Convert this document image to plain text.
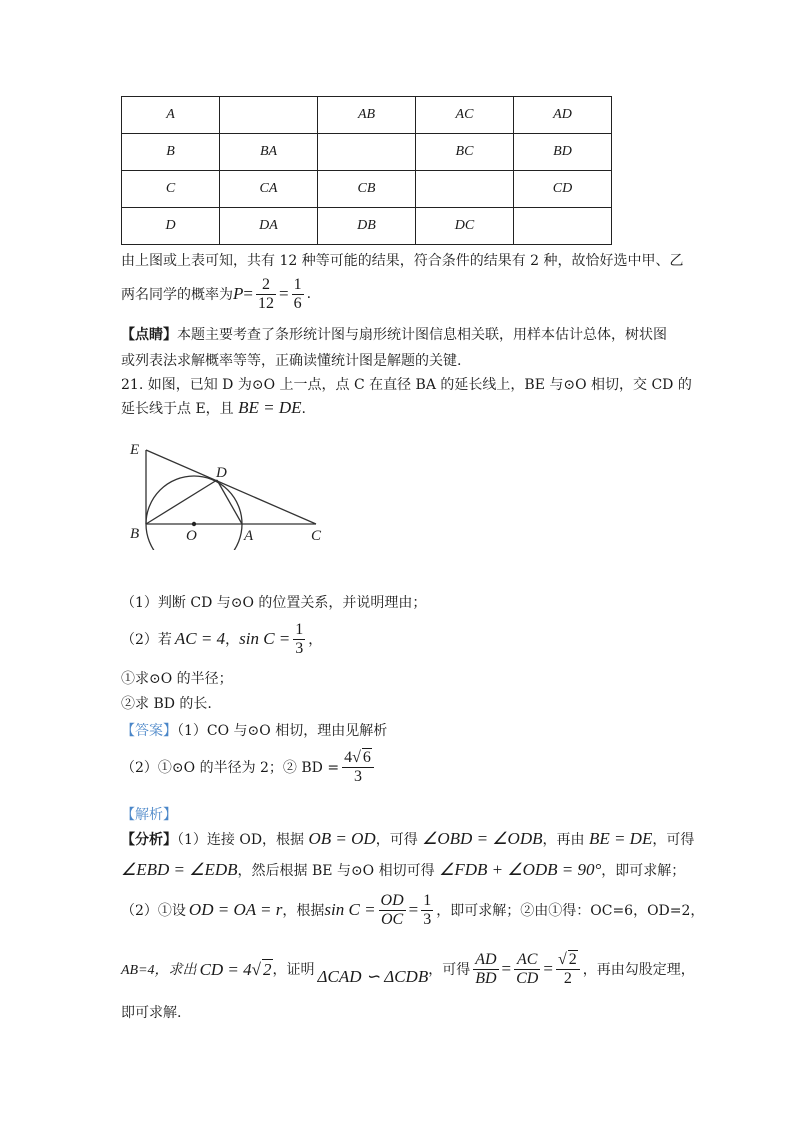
A		AB	AC	AD
B	BA		BC	BD
C	CA	CB		CD
D	DA	DB	DC	
由上图或上表可知，共有 12 种等可能的结果，符合条件的结果有 2 种，故恰好选中甲、乙
两名同学的概率为 $P = \frac{2}{12} = \frac{1}{6}$ .
【点睛】本题主要考查了条形统计图与扇形统计图信息相关联，用样本估计总体，树状图
或列表法求解概率等等，正确读懂统计图是解题的关键.
21. 如图，已知 D 为⊙O 上一点，点 C 在直径 BA 的延长线上，BE 与⊙O 相切，交 CD 的
延长线于点 E，且 BE = DE.
E
D
B	O	A	C
（1）判断 CD 与⊙O 的位置关系，并说明理由；
（2）若 AC = 4 ， $\sin C = \frac{1}{3}$ ，
①求⊙O 的半径；
②求 BD 的长.
【答案】（1）CO 与⊙O 相切，理由见解析
（2）①⊙O 的半径为 2；② BD = $\frac{4√ 6}{3}$
【解析】
【分析】（1）连接 OD，根据 OB = OD，可得 ∠OBD = ∠ODB，再由 BE = DE，可得
∠EBD = ∠EDB，然后根据 BE 与⊙O 相切可得 ∠FDB + ∠ODB = 90°，即可求解；
（2）①设 OD = OA = r ，根据 $\sin C = \frac{OD}{OC} = \frac{1}{3}$ ，即可求解；②由①得：OC=6，OD=2，
AB=4，求出 CD = 4√ 2 ，证明 ΔCAD ∽ ΔCDB ，可得 $\frac{AD}{BD} = \frac{AC}{CD} = \frac{√ 2}{2}$ ，再由勾股定理，
即可求解.
